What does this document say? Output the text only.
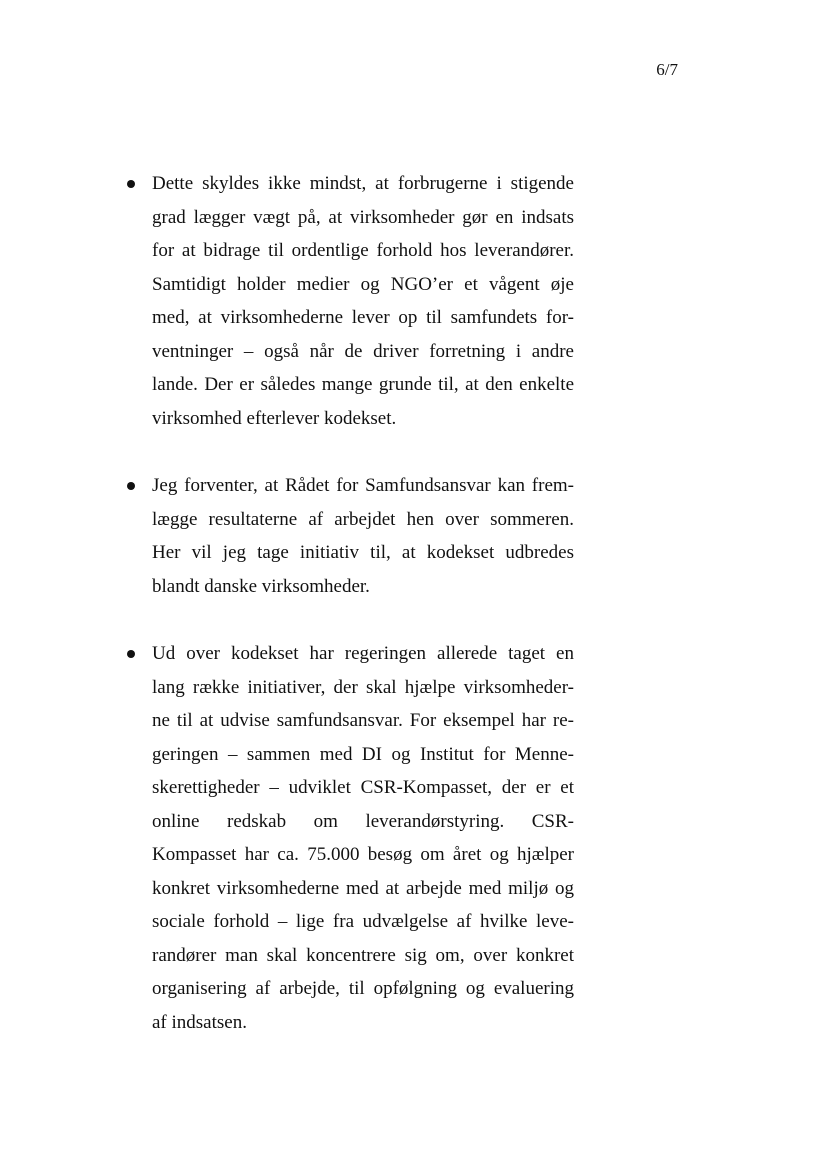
6/7
Dette skyldes ikke mindst, at forbrugerne i stigende
grad lægger vægt på, at virksomheder gør en indsats
for at bidrage til ordentlige forhold hos leverandører.
Samtidigt holder medier og NGO’er et vågent øje
med, at virksomhederne lever op til samfundets for-
ventninger – også når de driver forretning i andre
lande. Der er således mange grunde til, at den enkelte
virksomhed efterlever kodekset.
Jeg forventer, at Rådet for Samfundsansvar kan frem-
lægge resultaterne af arbejdet hen over sommeren.
Her vil jeg tage initiativ til, at kodekset udbredes
blandt danske virksomheder.
Ud over kodekset har regeringen allerede taget en
lang række initiativer, der skal hjælpe virksomheder-
ne til at udvise samfundsansvar. For eksempel har re-
geringen – sammen med DI og Institut for Menne-
skerettigheder – udviklet CSR-Kompasset, der er et
online redskab om leverandørstyring. CSR-
Kompasset har ca. 75.000 besøg om året og hjælper
konkret virksomhederne med at arbejde med miljø og
sociale forhold – lige fra udvælgelse af hvilke leve-
randører man skal koncentrere sig om, over konkret
organisering af arbejde, til opfølgning og evaluering
af indsatsen.
